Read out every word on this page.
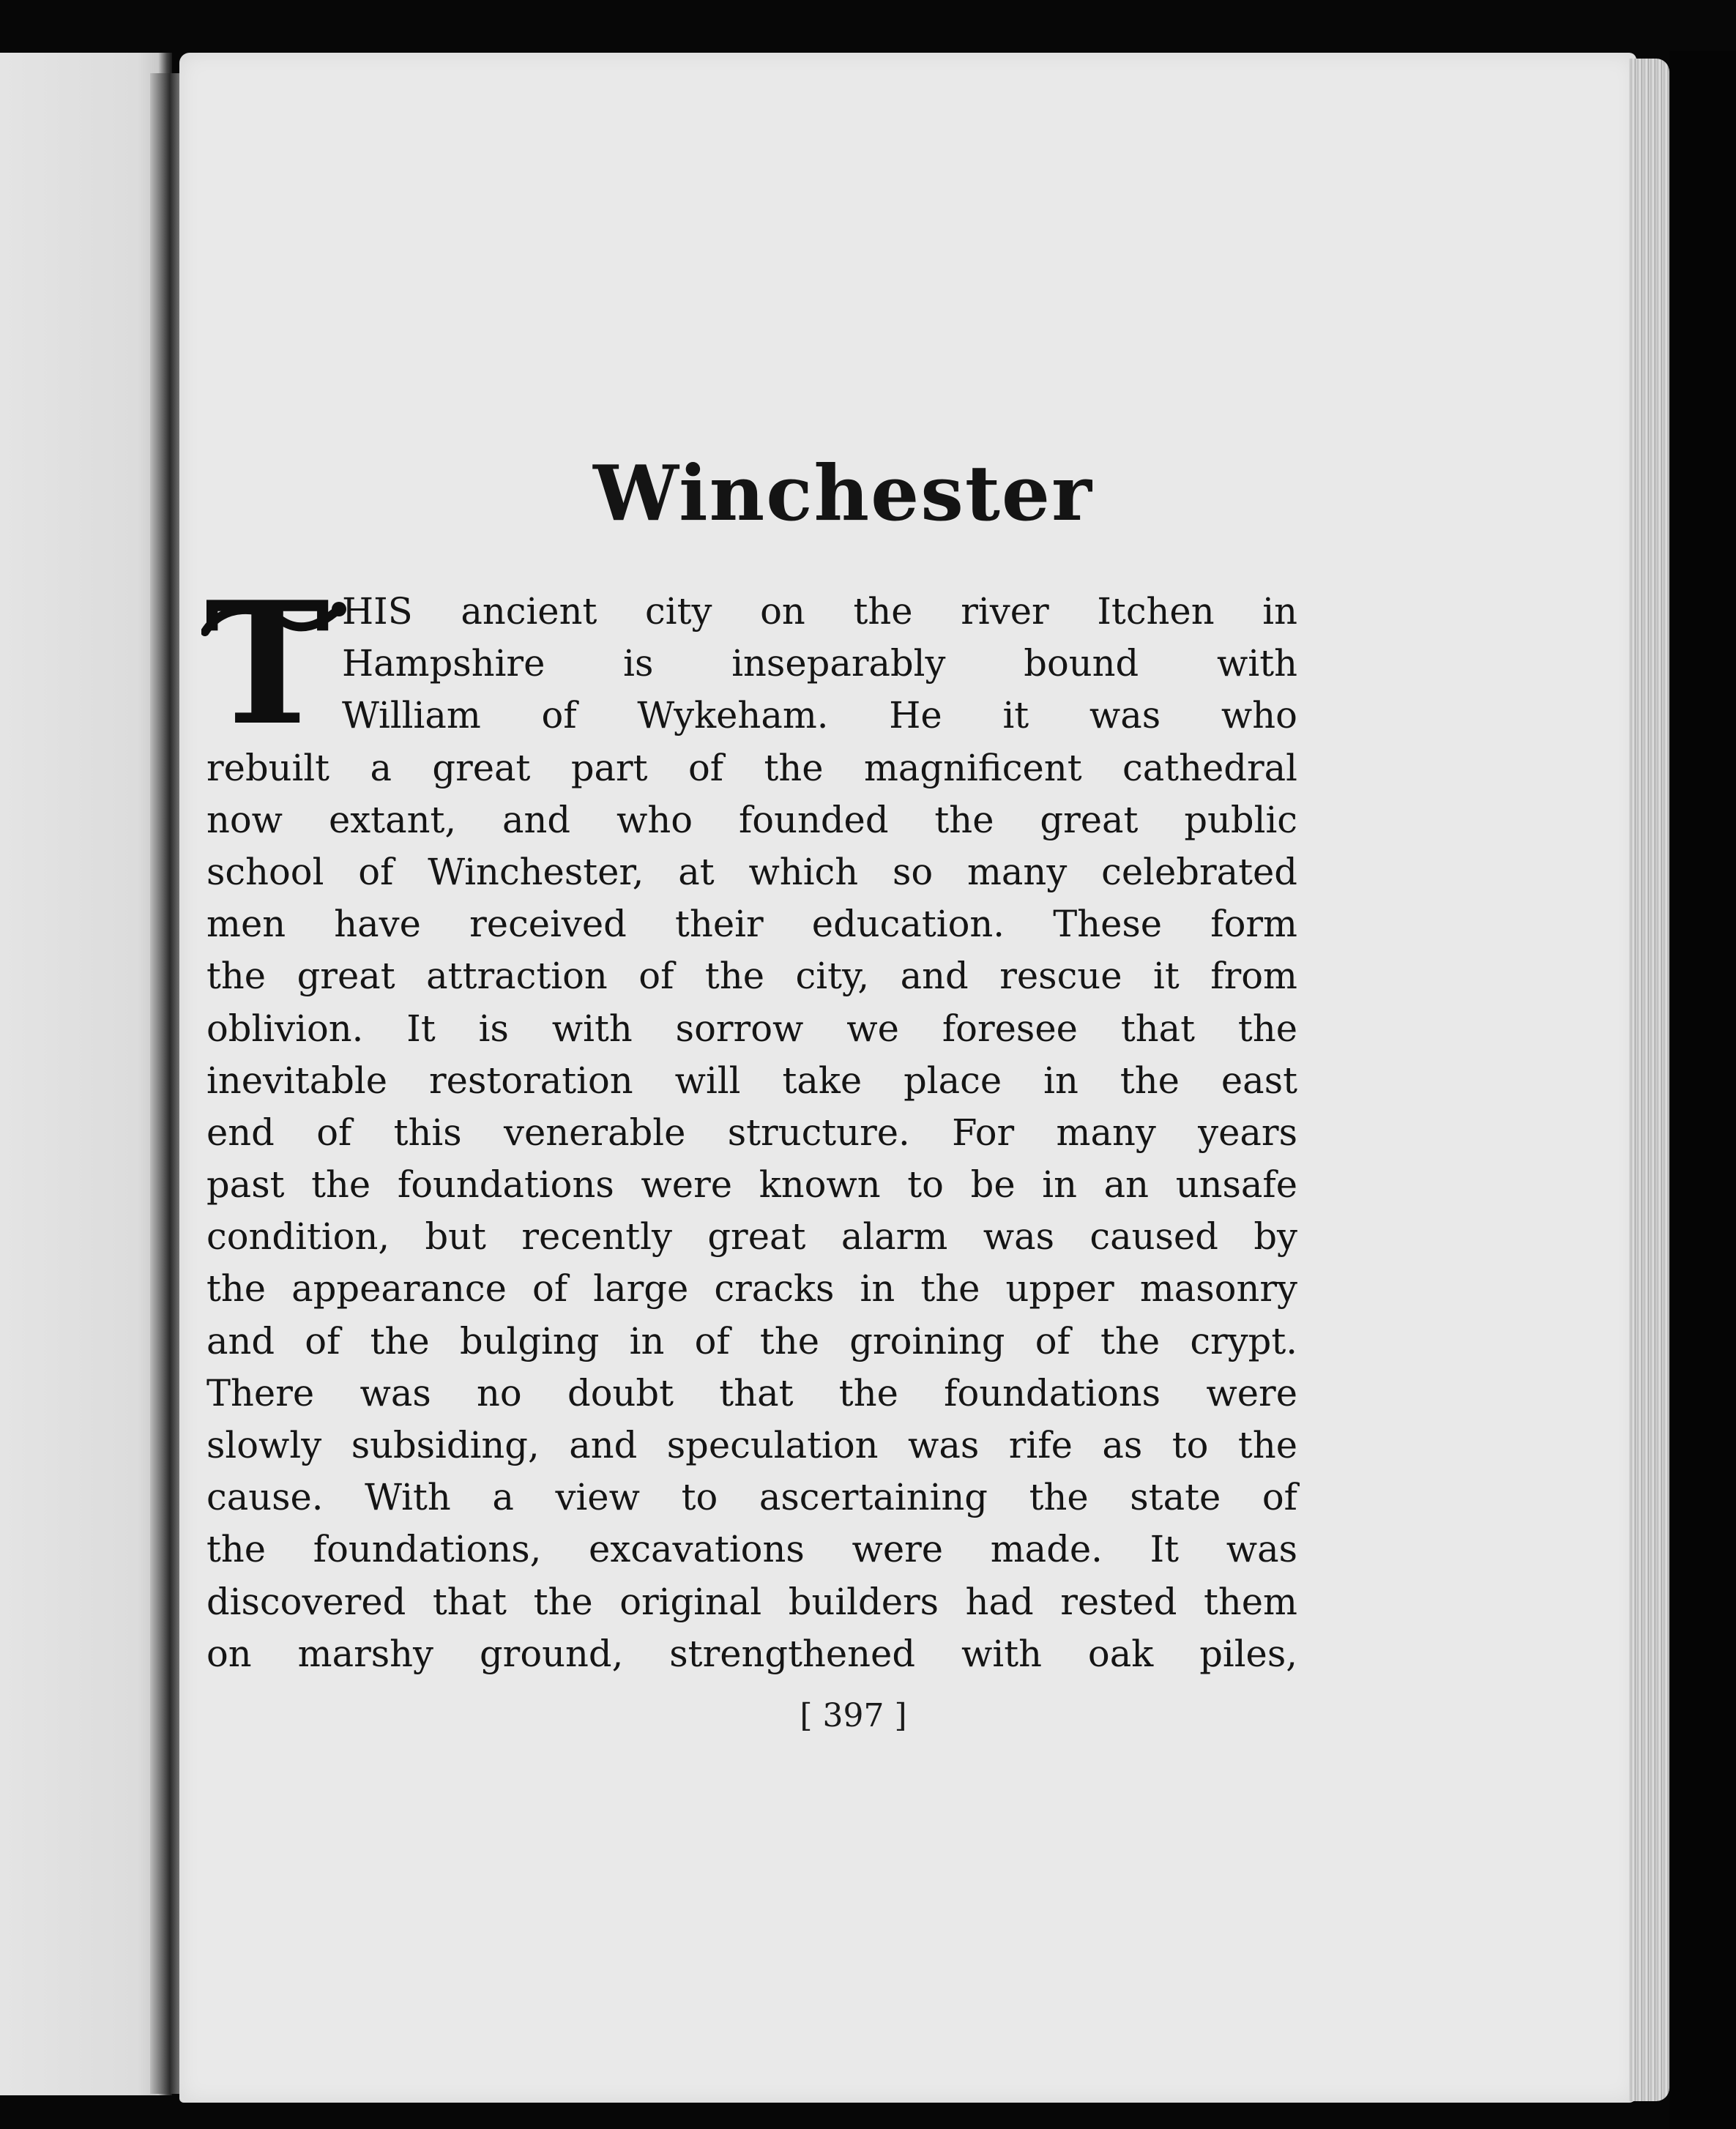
Winchester
T HIS ancient city on the river Itchen in
Hampshire is inseparably bound with
William of Wykeham. He it was who
rebuilt a great part of the magnificent cathedral
now extant, and who founded the great public
school of Winchester, at which so many celebrated
men have received their education. These form
the great attraction of the city, and rescue it from
oblivion. It is with sorrow we foresee that the
inevitable restoration will take place in the east
end of this venerable structure. For many years
past the foundations were known to be in an unsafe
condition, but recently great alarm was caused by
the appearance of large cracks in the upper masonry
and of the bulging in of the groining of the crypt.
There was no doubt that the foundations were
slowly subsiding, and speculation was rife as to the
cause. With a view to ascertaining the state of
the foundations, excavations were made. It was
discovered that the original builders had rested them
on marshy ground, strengthened with oak piles,
[ 397 ]
